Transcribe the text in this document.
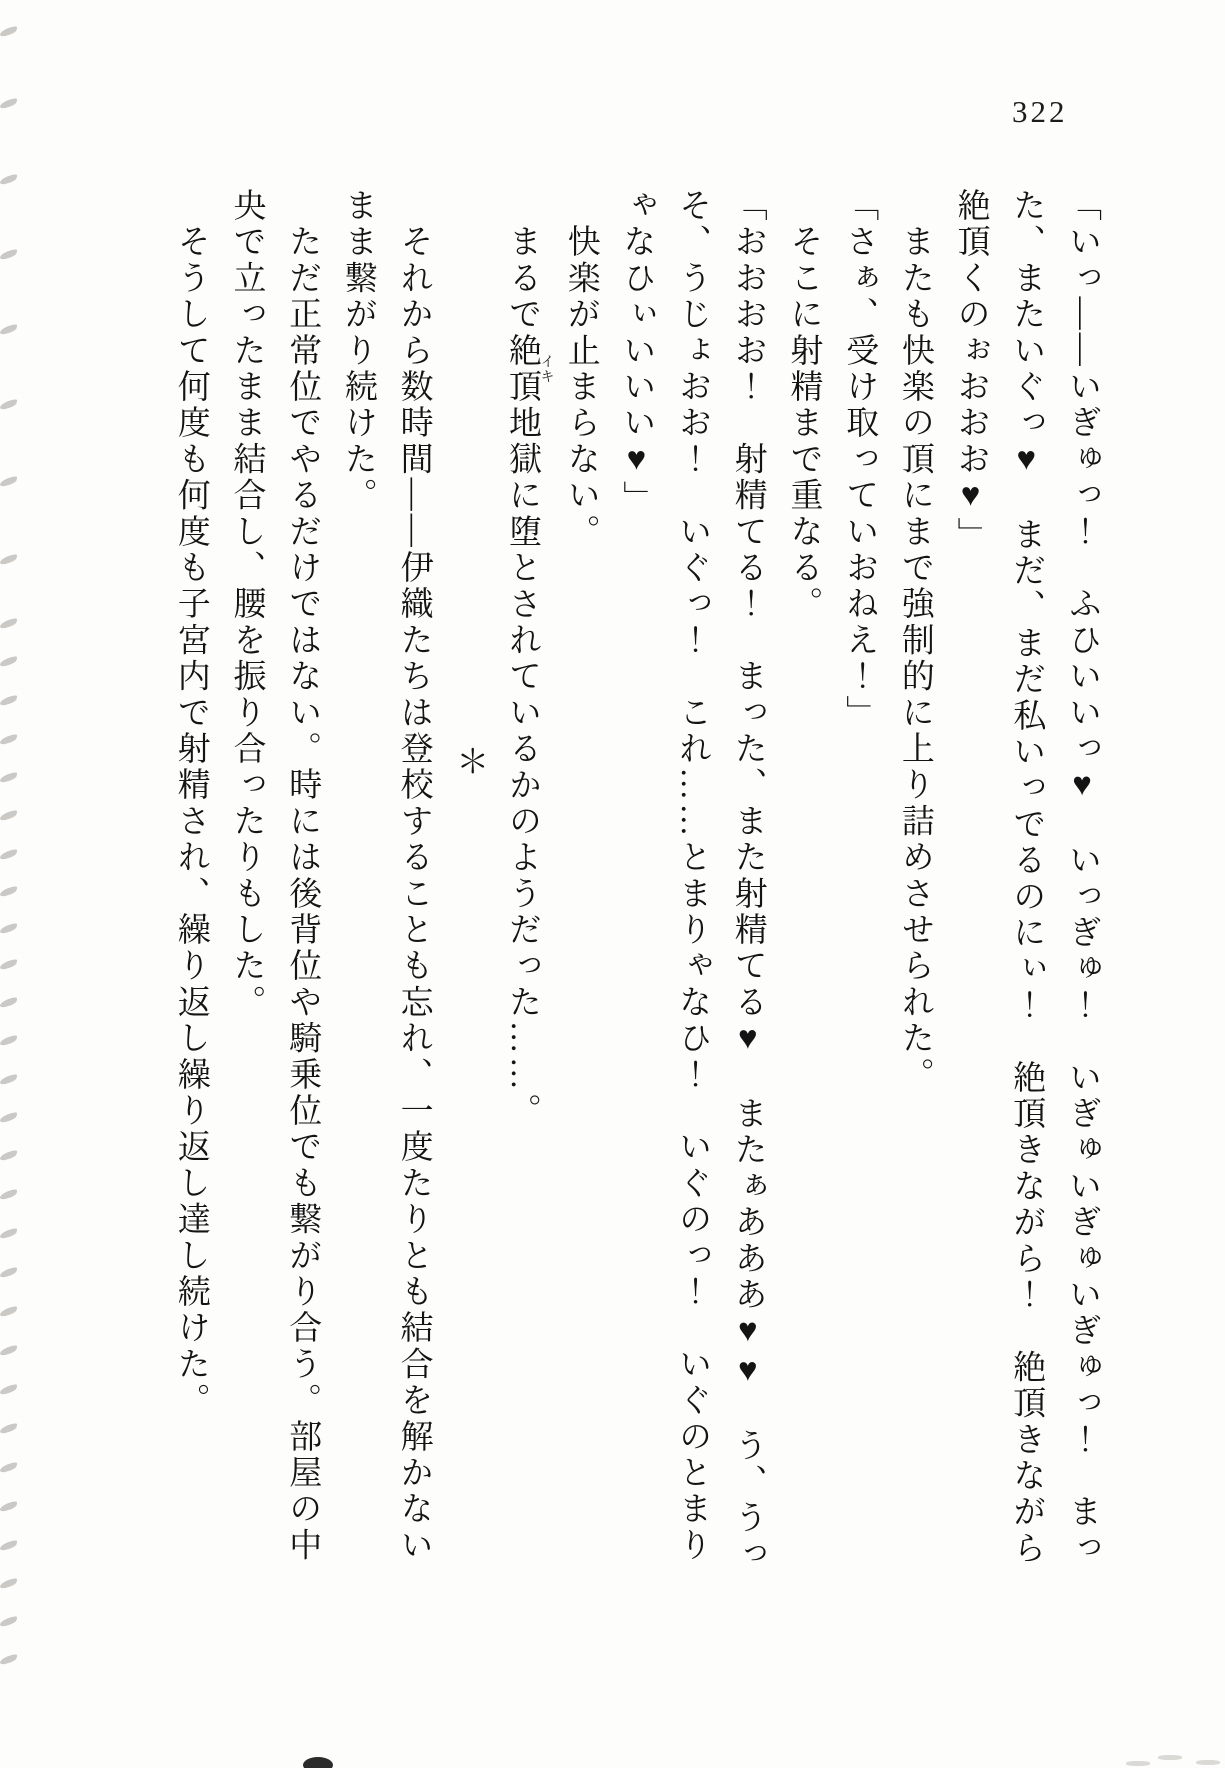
322
「いっ――いぎゅっ！　ふひいいっ♥　いっぎゅ！　いぎゅいぎゅいぎゅっ！　まっ
た、またいぐっ♥　まだ、まだ私いっでるのにぃ！　絶頂きながら！　絶頂きながら
絶頂くのぉおおお♥」
　またも快楽の頂にまで強制的に上り詰めさせられた。
「さぁ、受け取っていおねえ！」
　そこに射精まで重なる。
「おおおお！　射精てる！　まった、また射精てる♥　またぁあああ♥♥　う、うっ
そ、うじょおお！　いぐっ！　これ……とまりゃなひ！　いぐのっ！　いぐのとまり
ゃなひぃいいい♥」
　快楽が止まらない。
　まるで絶頂イキ地獄に堕とされているかのようだった……。
＊
　それから数時間――伊織たちは登校することも忘れ、一度たりとも結合を解かない
まま繋がり続けた。
　ただ正常位でやるだけではない。時には後背位や騎乗位でも繋がり合う。部屋の中
央で立ったまま結合し、腰を振り合ったりもした。
　そうして何度も何度も子宮内で射精され、繰り返し繰り返し達し続けた。
